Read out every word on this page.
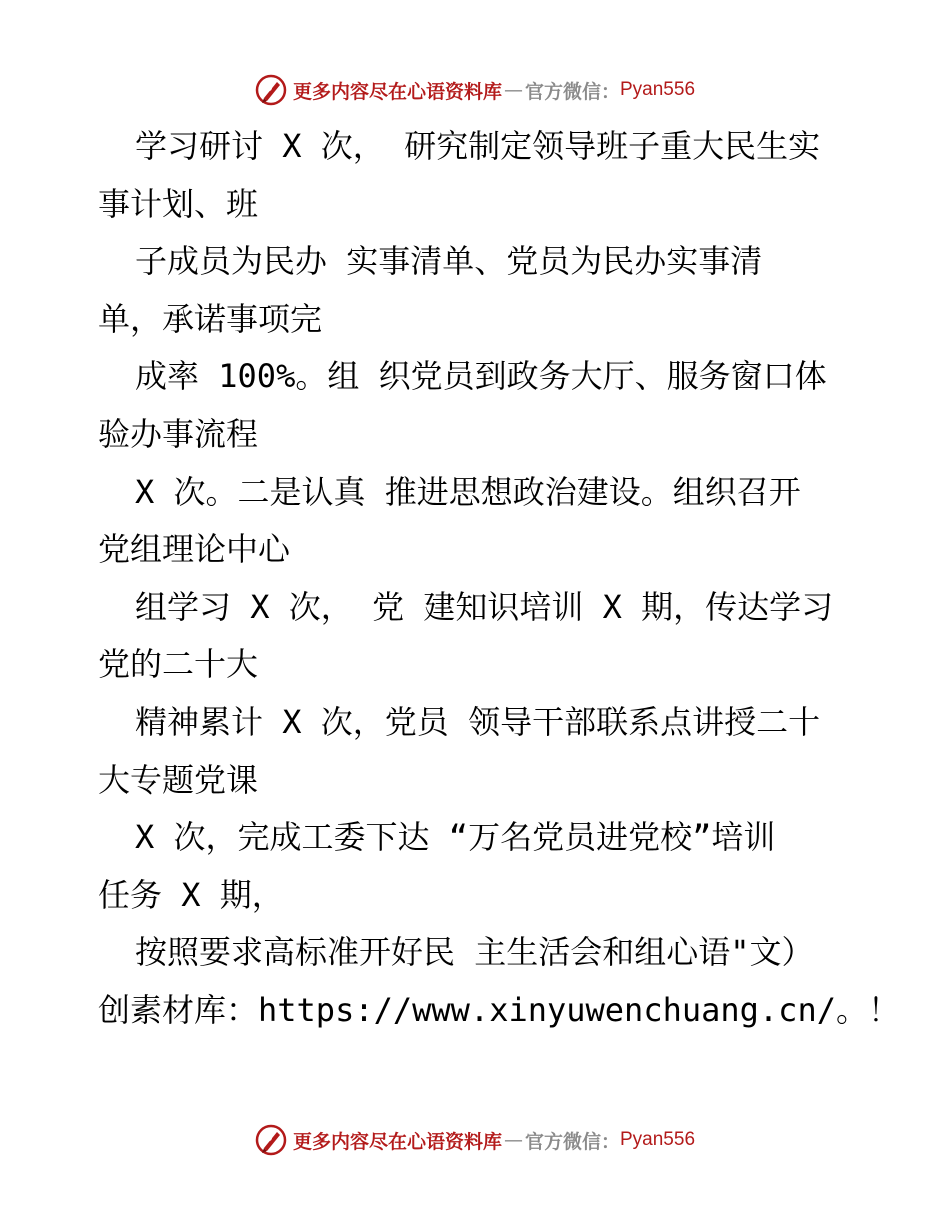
更多内容尽在心语资料库 — 官方微信： Pyan556
学习研讨 X 次， 研究制定领导班子重大民生实
事计划、班
子成员为民办 实事清单、党员为民办实事清
单，承诺事项完
成率 100%。组 织党员到政务大厅、服务窗口体
验办事流程
X 次。二是认真 推进思想政治建设。组织召开
党组理论中心
组学习 X 次， 党 建知识培训 X 期，传达学习
党的二十大
精神累计 X 次，党员 领导干部联系点讲授二十
大专题党课
X 次，完成工委下达 “万名党员进党校”培训
任务 X 期，
按照要求高标准开好民 主生活会和组心语"文）
创素材库：https://www.xinyuwenchuang.cn/。！
更多内容尽在心语资料库 — 官方微信： Pyan556
